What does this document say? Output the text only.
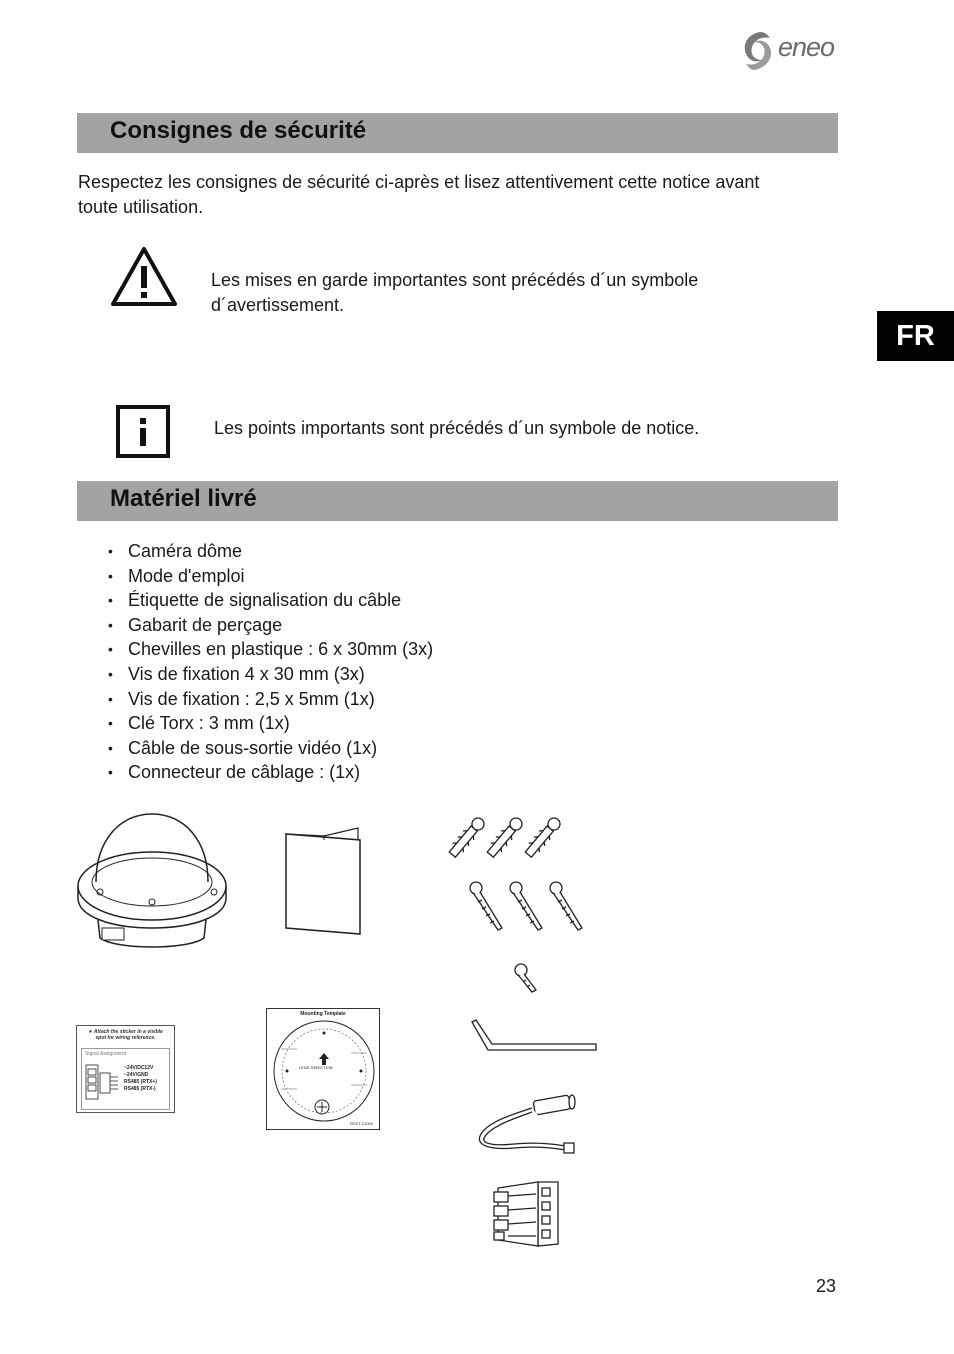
eneo
FR
Consignes de sécurité
Respectez les consignes de sécurité ci-après et lisez attentivement cette notice avant
toute utilisation.
Les mises en garde importantes sont précédés d´un symbole
d´avertissement.
Les points importants sont précédés d´un symbole de notice.
Matériel livré
• Caméra dôme
• Mode d'emploi
• Étiquette de signalisation du câble
• Gabarit de perçage
• Chevilles en plastique : 6 x 30mm (3x)
• Vis de fixation 4 x 30 mm (3x)
• Vis de fixation : 2,5 x 5mm (1x)
• Clé Torx : 3 mm (1x)
• Câble de sous-sortie vidéo (1x)
• Connecteur de câblage : (1x)
★ Attach the sticker in a visible
spot for wiring reference.
Signal Assignment
~24V/DC12V
~24V/GND
RS485 (RTX+)
RS485 (RTX-)
Mounting Template
LENS DIRECTION
RSVT-21002
23
